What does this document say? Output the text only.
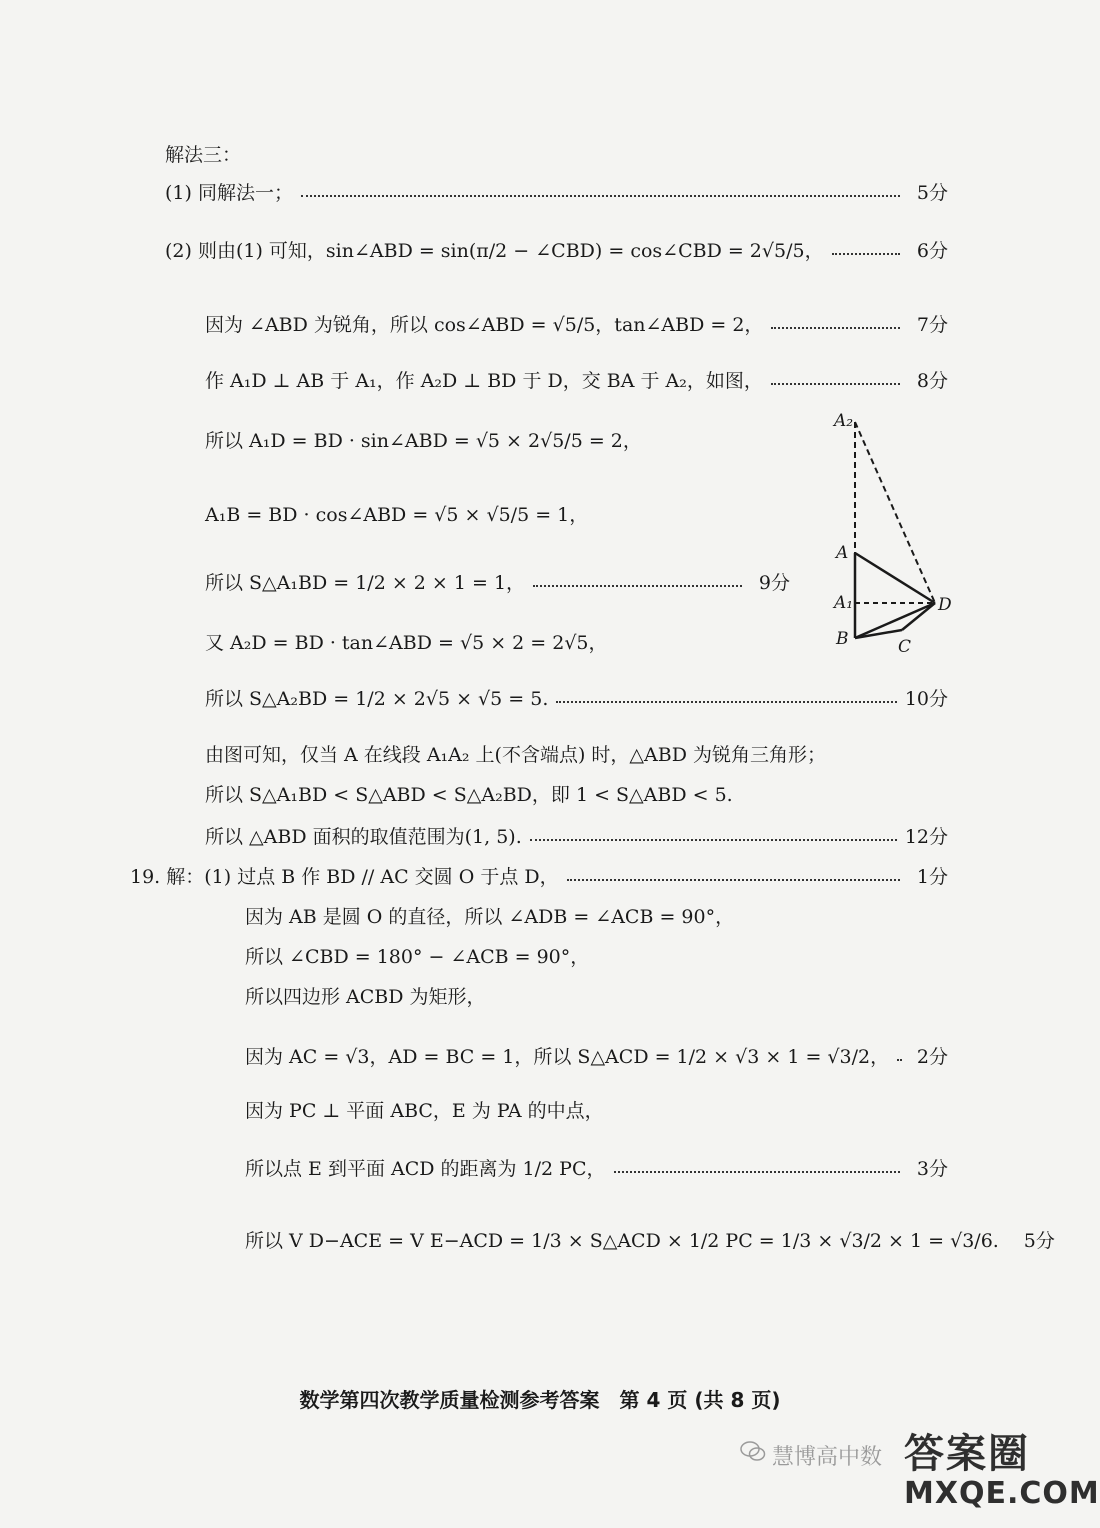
解法三：
(1) 同解法一；	5分
(2) 则由(1) 可知，sin∠ABD = sin(π/2 − ∠CBD) = cos∠CBD = 2√5/5，	6分
因为 ∠ABD 为锐角，所以 cos∠ABD = √5/5，tan∠ABD = 2，	7分
作 A₁D ⊥ AB 于 A₁，作 A₂D ⊥ BD 于 D，交 BA 于 A₂，如图，	8分
所以 A₁D = BD · sin∠ABD = √5 × 2√5/5 = 2，
A₁B = BD · cos∠ABD = √5 × √5/5 = 1，
所以 S△A₁BD = 1/2 × 2 × 1 = 1，	9分
又 A₂D = BD · tan∠ABD = √5 × 2 = 2√5，
所以 S△A₂BD = 1/2 × 2√5 × √5 = 5.	10分
由图可知，仅当 A 在线段 A₁A₂ 上(不含端点) 时，△ABD 为锐角三角形；
所以 S△A₁BD < S△ABD < S△A₂BD，即 1 < S△ABD < 5.
所以 △ABD 面积的取值范围为(1, 5).	12分
19. 解：(1) 过点 B 作 BD // AC 交圆 O 于点 D，	1分
因为 AB 是圆 O 的直径，所以 ∠ADB = ∠ACB = 90°，
所以 ∠CBD = 180° − ∠ACB = 90°，
所以四边形 ACBD 为矩形，
因为 AC = √3，AD = BC = 1，所以 S△ACD = 1/2 × √3 × 1 = √3/2，	2分
因为 PC ⊥ 平面 ABC，E 为 PA 的中点，
所以点 E 到平面 ACD 的距离为 1/2 PC，	3分
所以 V D−ACE = V E−ACD = 1/3 × S△ACD × 1/2 PC = 1/3 × √3/2 × 1 = √3/6.	5分
A₂
A
A₁
B	C
D
数学第四次教学质量检测参考答案　第 4 页 (共 8 页)
慧博高中数 答案圈
MXQE.COM
